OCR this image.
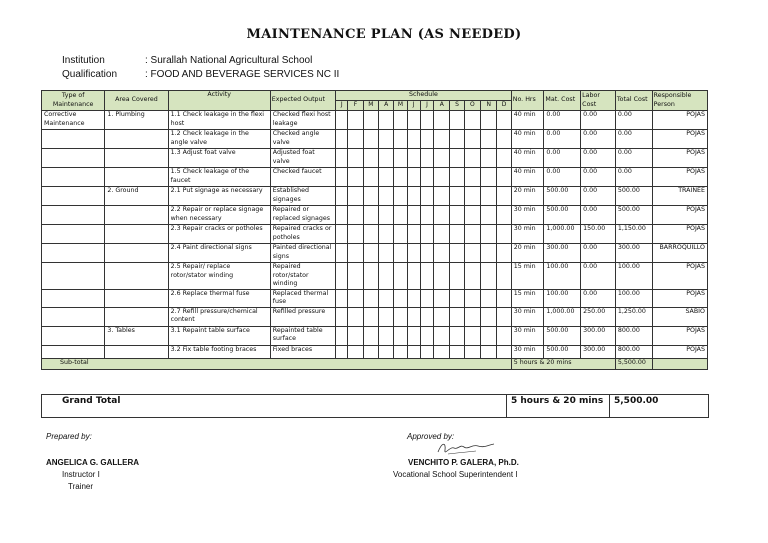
MAINTENANCE PLAN (AS NEEDED)
Institution	: Surallah National Agricultural School
Qualification	: FOOD AND BEVERAGE SERVICES NC II
Type of Maintenance	Area Covered	Activity	Expected Output	Schedule												No. Hrs	Mat. Cost	Labor Cost	Total Cost	Responsible Person
				J	F	M	A	M	J	J	A	S	O	N	D					
Corrective Maintenance	1. Plumbing	1.1 Check leakage in the flexi host	Checked flexi host leakage													40 min	0.00	0.00	0.00	POJAS
		1.2 Check leakage in the angle valve	Checked angle valve													40 min	0.00	0.00	0.00	POJAS
		1.3 Adjust foat valve	Adjusted foat valve													40 min	0.00	0.00	0.00	POJAS
		1.5 Check leakage of the faucet	Checked faucet													40 min	0.00	0.00	0.00	POJAS
	2. Ground	2.1 Put signage as necessary	Established signages													20 min	500.00	0.00	500.00	TRAINEE
		2.2 Repair or replace signage when necessary	Repaired or replaced signages													30 min	500.00	0.00	500.00	POJAS
		2.3 Repair cracks or potholes	Repaired cracks or potholes													30 min	1,000.00	150.00	1,150.00	POJAS
		2.4 Paint directional signs	Painted directional signs													20 min	300.00	0.00	300.00	BARROQUILLO
		2.5 Repair/ replace rotor/stator winding	Repaired rotor/stator winding													15 min	100.00	0.00	100.00	POJAS
		2.6 Replace thermal fuse	Replaced thermal fuse													15 min	100.00	0.00	100.00	POJAS
		2.7 Refill pressure/chemical content	Refilled pressure													30 min	1,000.00	250.00	1,250.00	SABIO
	3. Tables	3.1 Repaint table surface	Repainted table surface													30 min	500.00	300.00	800.00	POJAS
		3.2 Fix table footing braces	Fixed braces													30 min	500.00	300.00	800.00	POJAS
Sub-total																5 hours & 20 mins			5,500.00	
Grand Total	5 hours & 20 mins	5,500.00
Prepared by:
ANGELICA G. GALLERA
Instructor I
Trainer
Approved by:
VENCHITO P. GALERA, Ph.D.
Vocational School Superintendent I
